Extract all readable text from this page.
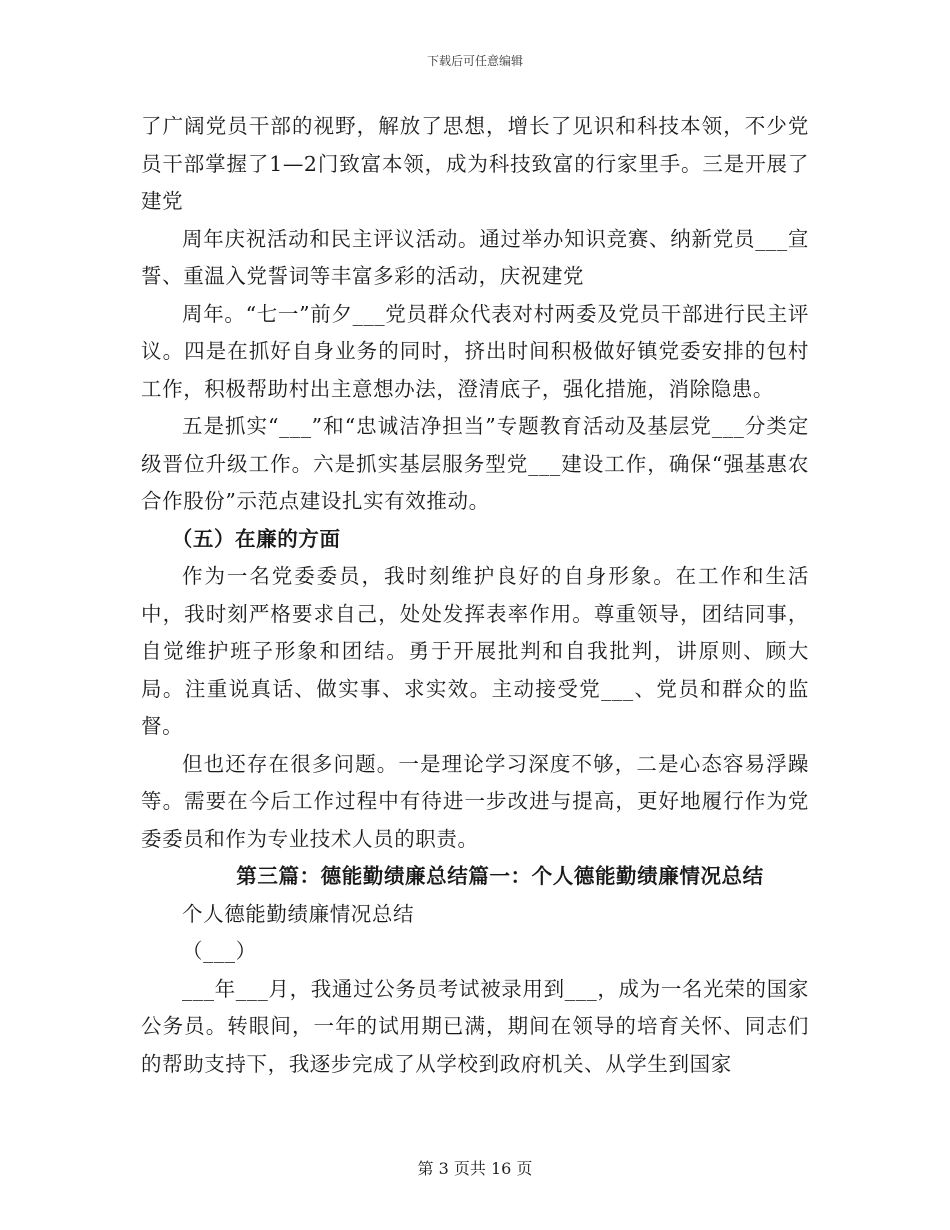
下载后可任意编辑

了广阔党员干部的视野，解放了思想，增长了见识和科技本领，不少党员干部掌握了1—2门致富本领，成为科技致富的行家里手。三是开展了建党

周年庆祝活动和民主评议活动。通过举办知识竞赛、纳新党员___宣誓、重温入党誓词等丰富多彩的活动，庆祝建党

周年。“七一”前夕___党员群众代表对村两委及党员干部进行民主评议。四是在抓好自身业务的同时，挤出时间积极做好镇党委安排的包村工作，积极帮助村出主意想办法，澄清底子，强化措施，消除隐患。

五是抓实“___”和“忠诚洁净担当”专题教育活动及基层党___分类定级晋位升级工作。六是抓实基层服务型党___建设工作，确保“强基惠农合作股份”示范点建设扎实有效推动。

（五）在廉的方面

作为一名党委委员，我时刻维护良好的自身形象。在工作和生活中，我时刻严格要求自己，处处发挥表率作用。尊重领导，团结同事，自觉维护班子形象和团结。勇于开展批判和自我批判，讲原则、顾大局。注重说真话、做实事、求实效。主动接受党___、党员和群众的监督。

但也还存在很多问题。一是理论学习深度不够，二是心态容易浮躁等。需要在今后工作过程中有待进一步改进与提高，更好地履行作为党委委员和作为专业技术人员的职责。

第三篇：德能勤绩廉总结篇一：个人德能勤绩廉情况总结

个人德能勤绩廉情况总结

（___）

___年___月，我通过公务员考试被录用到___，成为一名光荣的国家公务员。转眼间，一年的试用期已满，期间在领导的培育关怀、同志们的帮助支持下，我逐步完成了从学校到政府机关、从学生到国家

第 3 页共 16 页
